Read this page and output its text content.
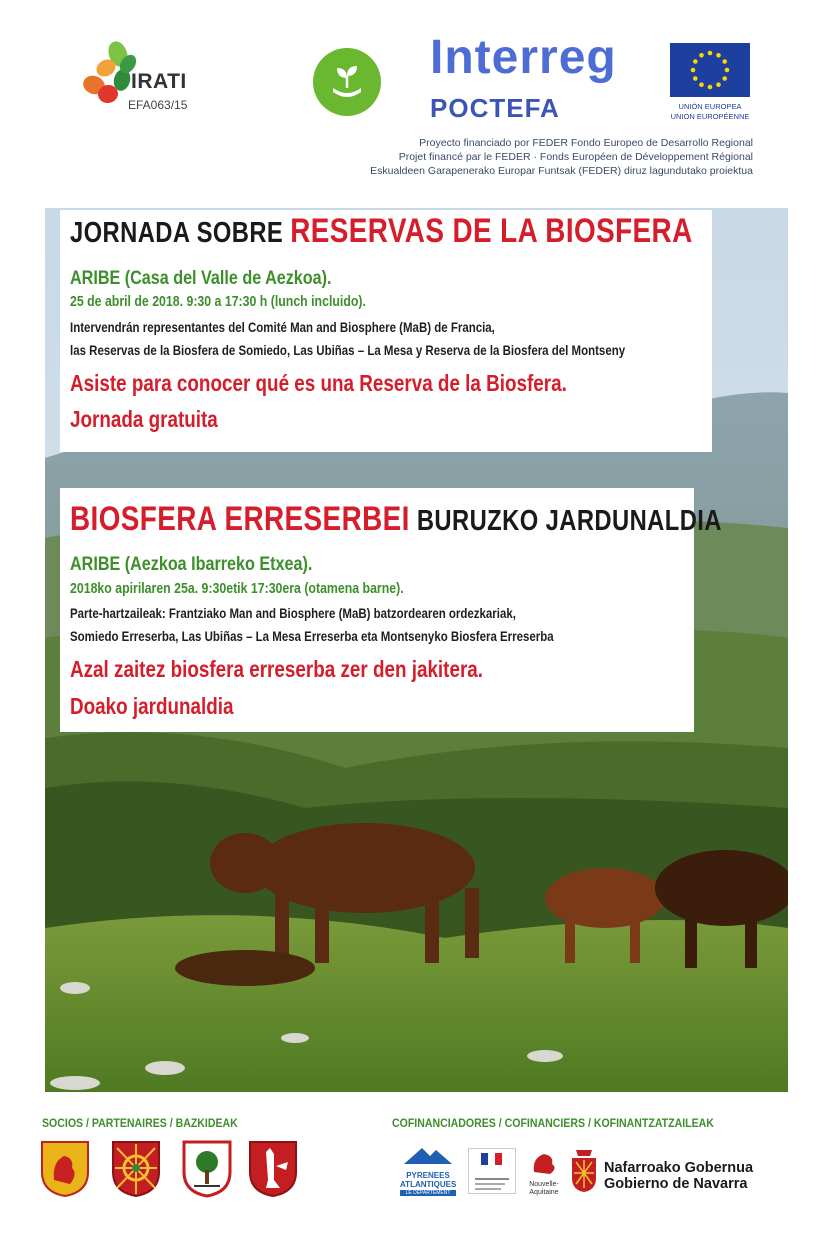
IRATI
EFA063/15
Interreg
POCTEFA	UNIÓN EUROPEA
UNION EUROPÉENNE
Proyecto financiado por FEDER Fondo Europeo de Desarrollo Regional
Projet financé par le FEDER · Fonds Européen de Développement Régional
Eskualdeen Garapenerako Europar Funtsak (FEDER) diruz lagundutako proiektua
JORNADA SOBRE RESERVAS DE LA BIOSFERA
ARIBE (Casa del Valle de Aezkoa).
25 de abril de 2018. 9:30 a 17:30 h (lunch incluido).
Intervendrán representantes del Comité Man and Biosphere (MaB) de Francia,
las Reservas de la Biosfera de Somiedo, Las Ubiñas – La Mesa y Reserva de la Biosfera del Montseny
Asiste para conocer qué es una Reserva de la Biosfera.
Jornada gratuita
BIOSFERA ERRESERBEI BURUZKO JARDUNALDIA
ARIBE (Aezkoa Ibarreko Etxea).
2018ko apirilaren 25a. 9:30etik 17:30era (otamena barne).
Parte-hartzaileak: Frantziako Man and Biosphere (MaB) batzordearen ordezkariak,
Somiedo Erreserba, Las Ubiñas – La Mesa Erreserba eta Montsenyko Biosfera Erreserba
Azal zaitez biosfera erreserba zer den jakitera.
Doako jardunaldia
SOCIOS / PARTENAIRES / BAZKIDEAK	COFINANCIADORES / COFINANCIERS / KOFINANTZATZAILEAK
PYRENEES
ATLANTIQUES
LE DÉPARTEMENT

Nouvelle-Aquitaine
Nafarroako Gobernua
Gobierno de Navarra
